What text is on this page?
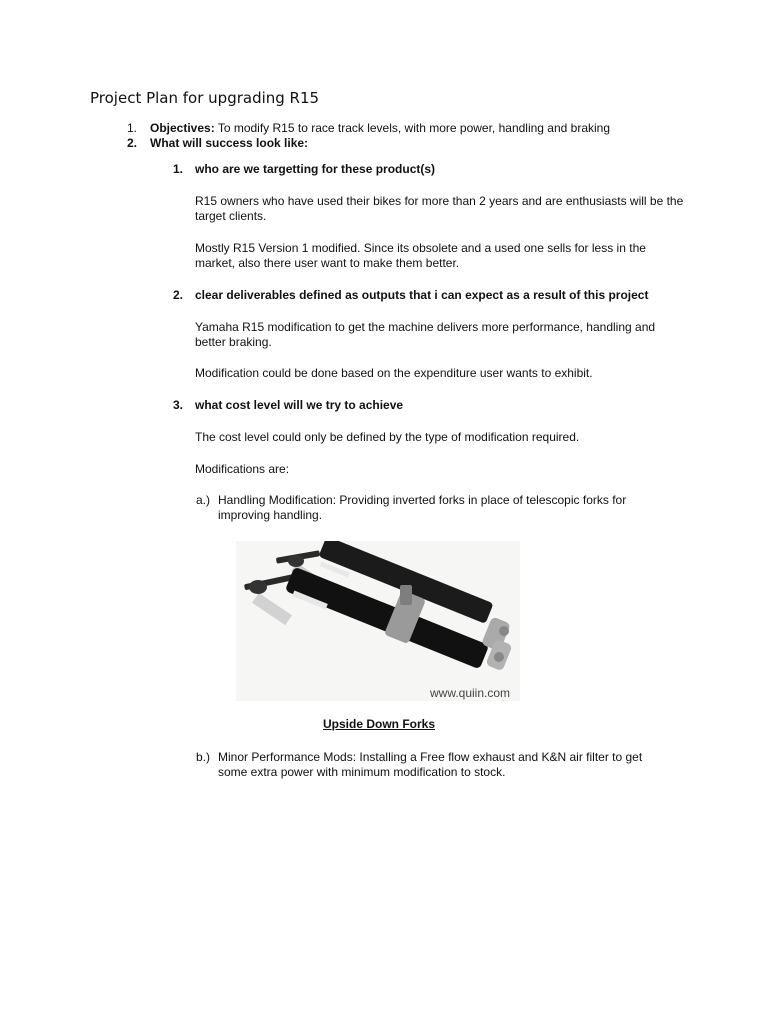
Project Plan for upgrading R15
1. Objectives: To modify R15 to race track levels, with more power, handling and braking
2. What will success look like:
1. who are we targetting for these product(s)
R15 owners who have used their bikes for more than 2 years and are enthusiasts will be the target clients.
Mostly R15 Version 1 modified. Since its obsolete and a used one sells for less in the market, also there user want to make them better.
2. clear deliverables defined as outputs that i can expect as a result of this project
Yamaha R15 modification to get the machine delivers more performance, handling and better braking.
Modification could be done based on the expenditure user wants to exhibit.
3. what cost level will we try to achieve
The cost level could only be defined by the type of modification required.
Modifications are:
a.) Handling Modification: Providing inverted forks in place of telescopic forks for improving handling.
www.quiin.com
Upside Down Forks
b.) Minor Performance Mods: Installing a Free flow exhaust and K&N air filter to get some extra power with minimum modification to stock.
